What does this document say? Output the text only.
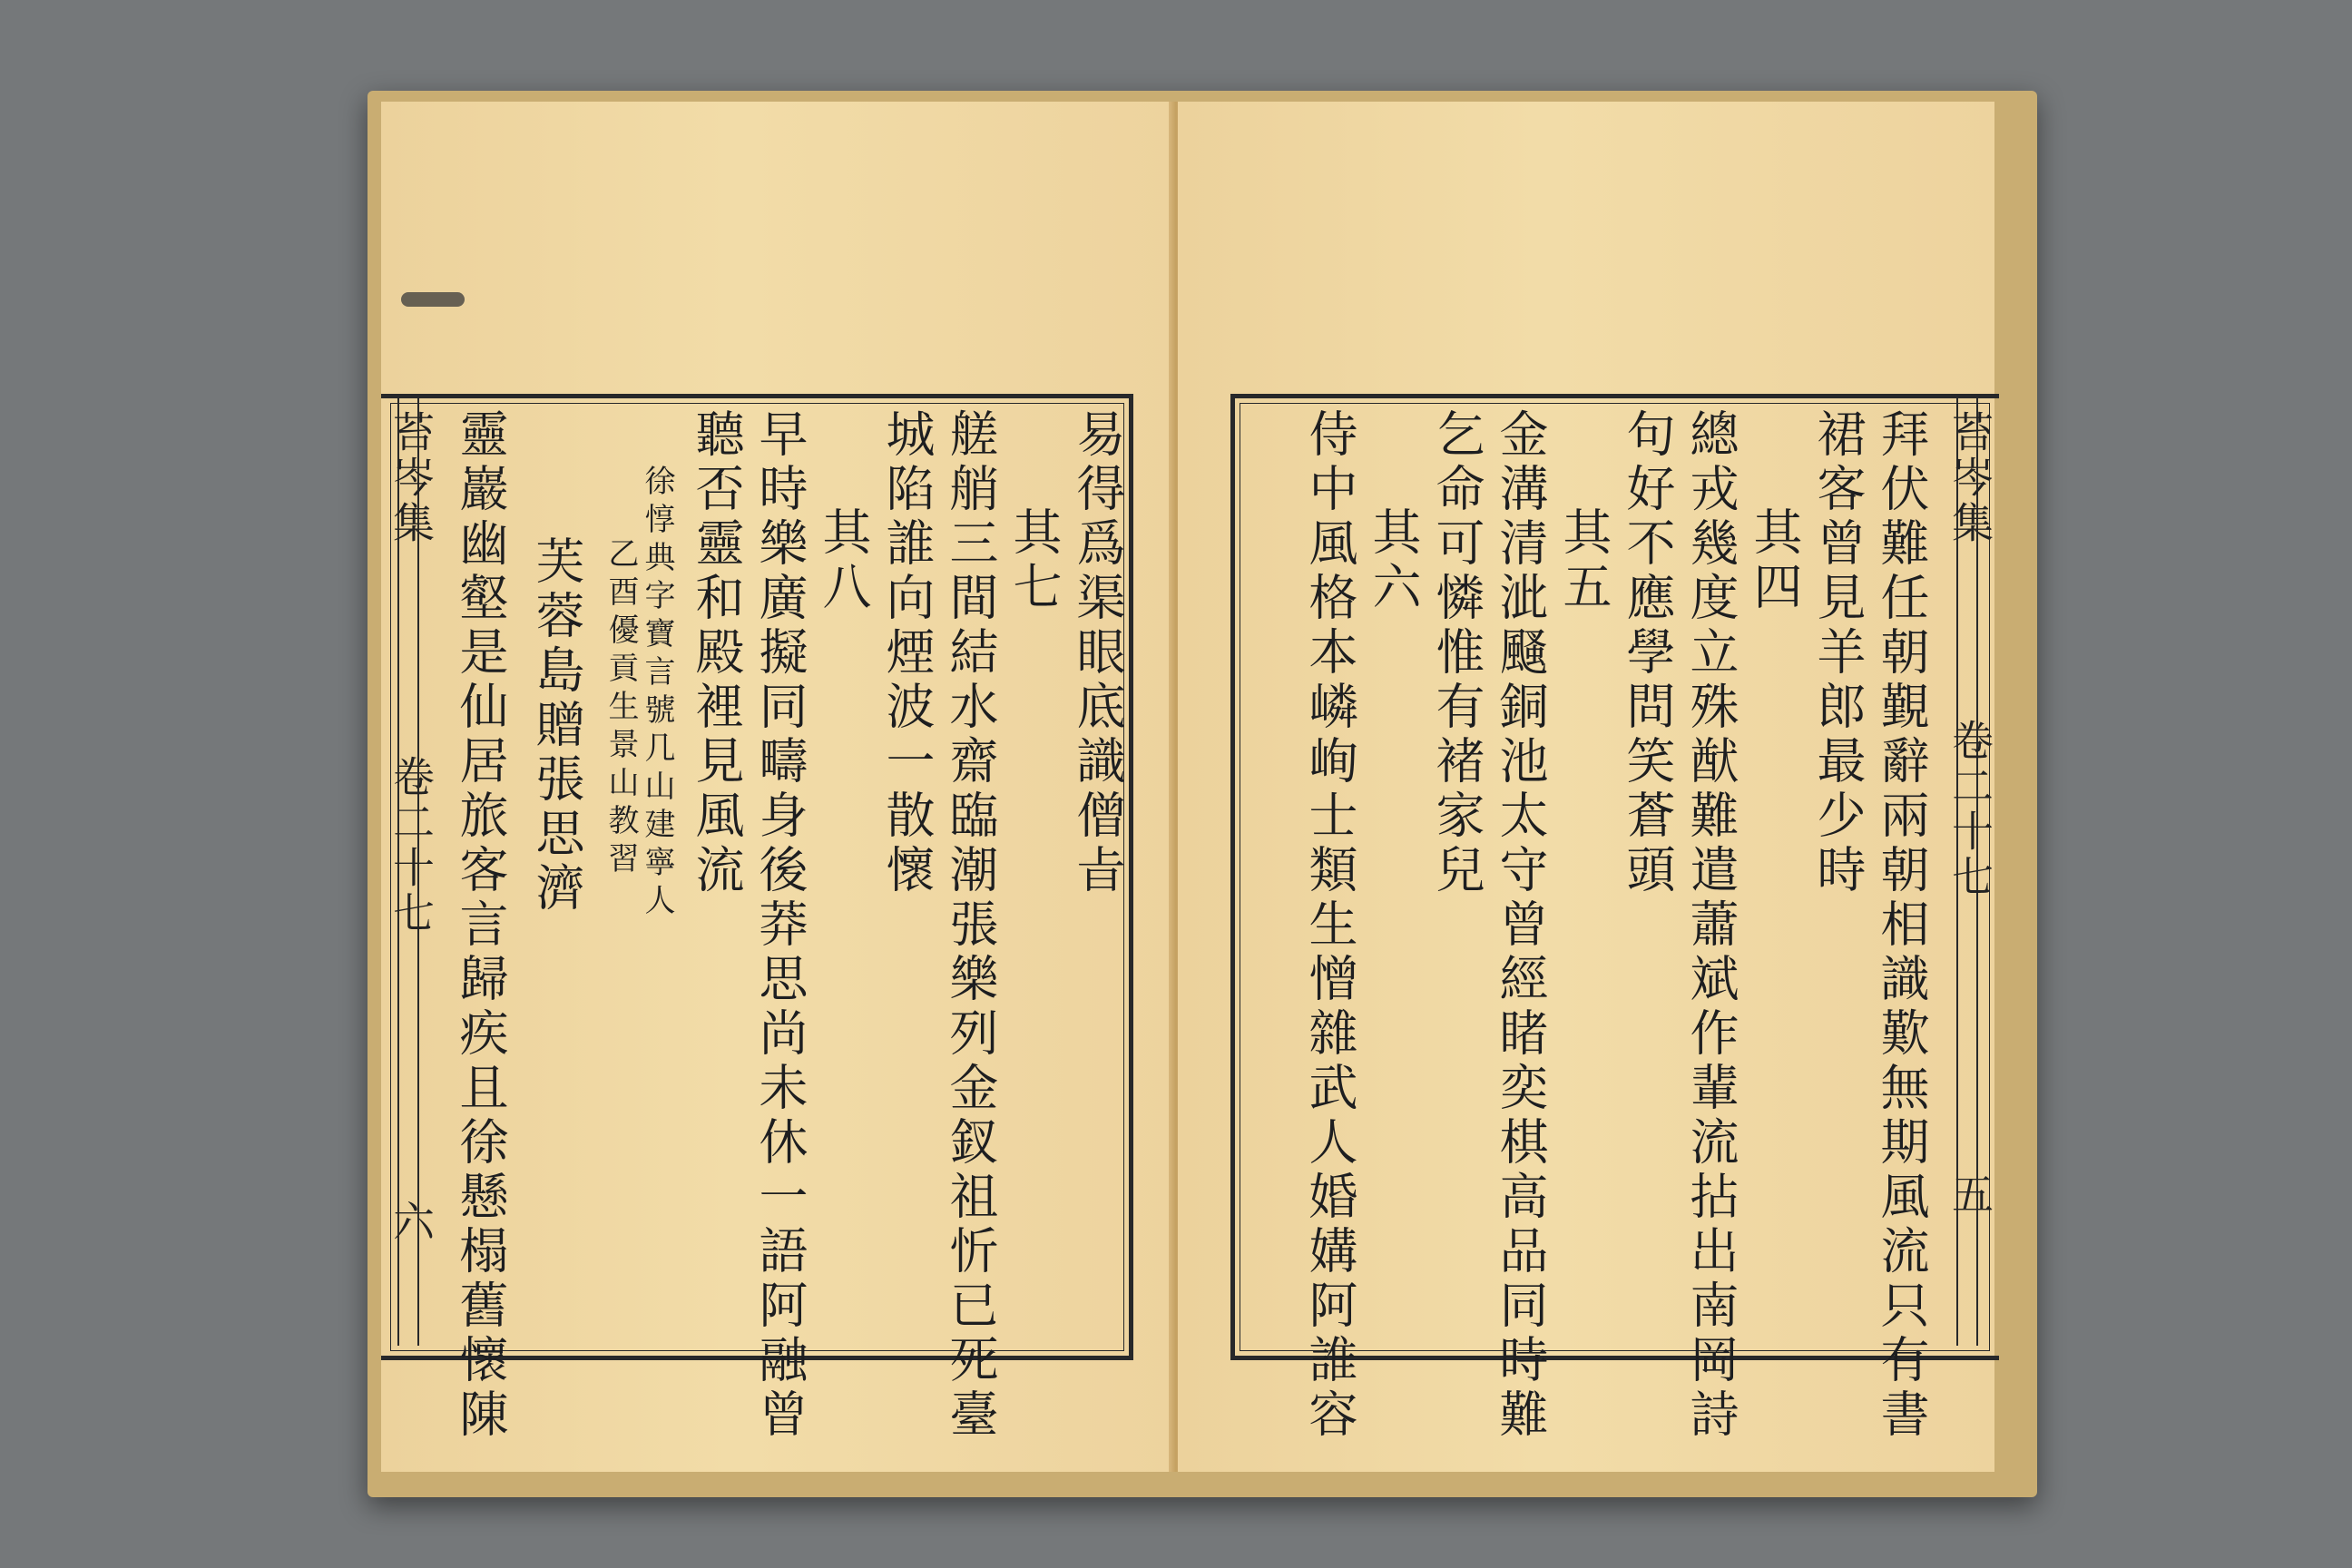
易得爲渠眼底識僧㫖
其七
艖艄三間結水齋臨潮張樂列金釵祖忻已死臺
城陷誰向煙波一散懷
其八
早時樂廣擬同疇身後莽思尚未休一語阿融曾
聽否靈和殿裡見風流
徐惇典字寶言號几山建寧人
乙酉優貢生景山教習
芙蓉島贈張思濟
靈巖幽壑是仙居旅客言歸疾且徐懸榻舊懷陳
苔岑集
卷二十七
六	拜伏難任朝覲辭兩朝相識歎無期風流只有書
裙客曾見羊郎最少時
其四
總戎幾度立殊猷難遣蕭斌作輩流拈出南岡詩
句好不應學問笑蒼頭
其五
金溝清泚颾銅池太守曾經睹奕棋高品同時難
乞命可憐惟有褚家兒
其六
侍中風格本嶙峋士類生憎雜武人婚媾阿誰容	苔岑集
卷二十七
五
